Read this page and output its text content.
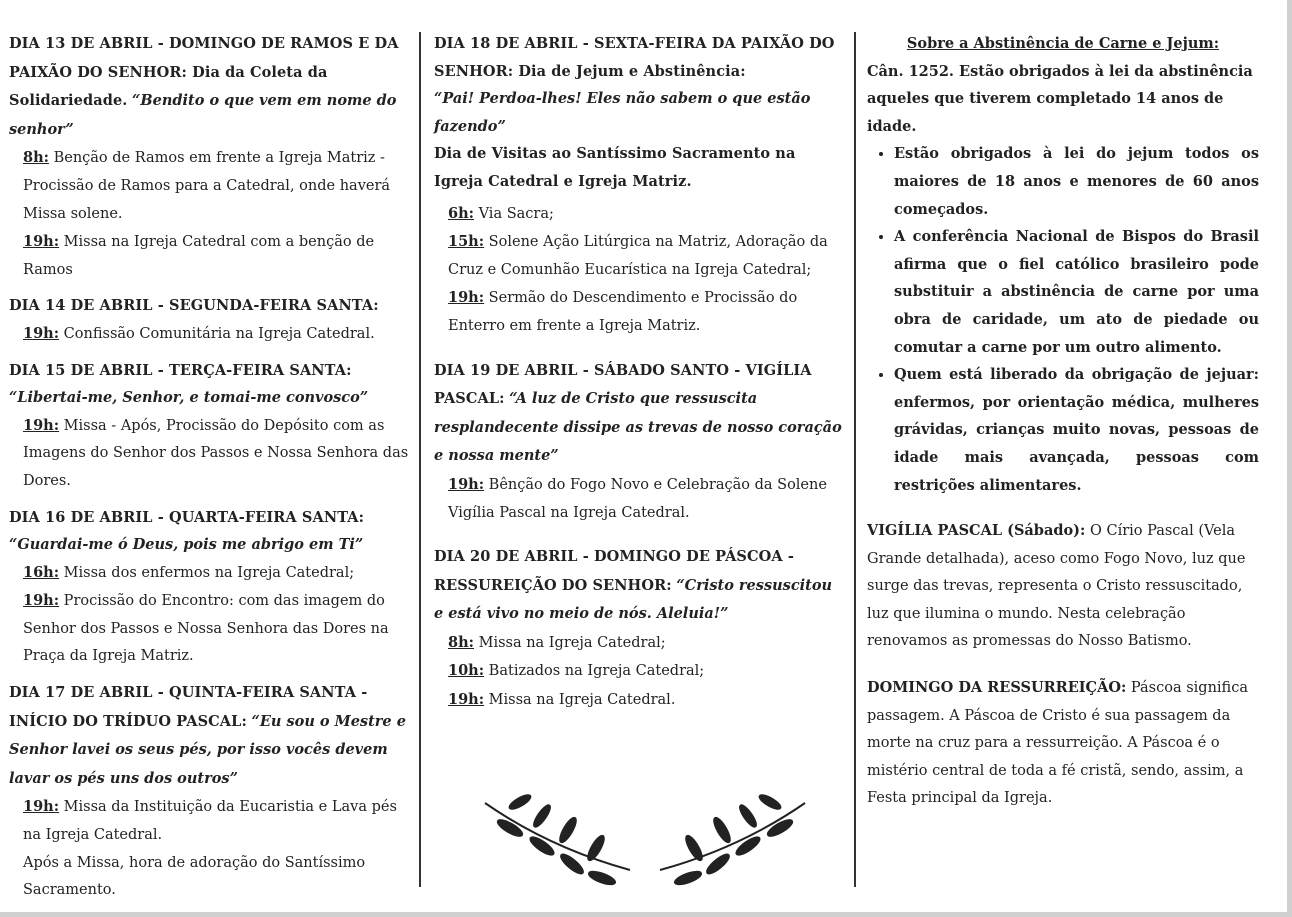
DIA 13 DE ABRIL - DOMINGO DE RAMOS E DA PAIXÃO DO SENHOR: Dia da Coleta da Solidariedade. “Bendito o que vem em nome do senhor”
8h: Benção de Ramos em frente a Igreja Matriz - Procissão de Ramos para a Catedral, onde haverá Missa solene.
19h: Missa na Igreja Catedral com a benção de Ramos
DIA 14 DE ABRIL - SEGUNDA-FEIRA SANTA:
19h: Confissão Comunitária na Igreja Catedral.
DIA 15 DE ABRIL - TERÇA-FEIRA SANTA:
“Libertai-me, Senhor, e tomai-me convosco”
19h: Missa - Após, Procissão do Depósito com as Imagens do Senhor dos Passos e Nossa Senhora das Dores.
DIA 16 DE ABRIL - QUARTA-FEIRA SANTA:
“Guardai-me ó Deus, pois me abrigo em Ti”
16h: Missa dos enfermos na Igreja Catedral;
19h: Procissão do Encontro: com das imagem do Senhor dos Passos e Nossa Senhora das Dores na Praça da Igreja Matriz.
DIA 17 DE ABRIL - QUINTA-FEIRA SANTA - INÍCIO DO TRÍDUO PASCAL: “Eu sou o Mestre e Senhor lavei os seus pés, por isso vocês devem lavar os pés uns dos outros”
19h: Missa da Instituição da Eucaristia e Lava pés na Igreja Catedral.
Após a Missa, hora de adoração do Santíssimo Sacramento.
DIA 18 DE ABRIL - SEXTA-FEIRA DA PAIXÃO DO SENHOR: Dia de Jejum e Abstinência:
“Pai! Perdoa-lhes! Eles não sabem o que estão fazendo”
Dia de Visitas ao Santíssimo Sacramento na Igreja Catedral e Igreja Matriz.
6h: Via Sacra;
15h: Solene Ação Litúrgica na Matriz, Adoração da Cruz e Comunhão Eucarística na Igreja Catedral;
19h: Sermão do Descendimento e Procissão do Enterro em frente a Igreja Matriz.
DIA 19 DE ABRIL - SÁBADO SANTO - VIGÍLIA PASCAL: “A luz de Cristo que ressuscita resplandecente dissipe as trevas de nosso coração e nossa mente”
19h: Bênção do Fogo Novo e Celebração da Solene Vigília Pascal na Igreja Catedral.
DIA 20 DE ABRIL - DOMINGO DE PÁSCOA - RESSUREIÇÃO DO SENHOR: “Cristo ressuscitou e está vivo no meio de nós. Aleluia!”
8h: Missa na Igreja Catedral;
10h: Batizados na Igreja Catedral;
19h: Missa na Igreja Catedral.
Sobre a Abstinência de Carne e Jejum:
Cân. 1252. Estão obrigados à lei da abstinência aqueles que tiverem completado 14 anos de idade.
• Estão obrigados à lei do jejum todos os maiores de 18 anos e menores de 60 anos começados.
• A conferência Nacional de Bispos do Brasil afirma que o fiel católico brasileiro pode substituir a abstinência de carne por uma obra de caridade, um ato de piedade ou comutar a carne por um outro alimento.
• Quem está liberado da obrigação de jejuar: enfermos, por orientação médica, mulheres grávidas, crianças muito novas, pessoas de idade mais avançada, pessoas com restrições alimentares.
VIGÍLIA PASCAL (Sábado): O Círio Pascal (Vela Grande detalhada), aceso como Fogo Novo, luz que surge das trevas, representa o Cristo ressuscitado, luz que ilumina o mundo. Nesta celebração renovamos as promessas do Nosso Batismo.
DOMINGO DA RESSURREIÇÃO: Páscoa significa passagem. A Páscoa de Cristo é sua passagem da morte na cruz para a ressurreição. A Páscoa é o mistério central de toda a fé cristã, sendo, assim, a Festa principal da Igreja.
